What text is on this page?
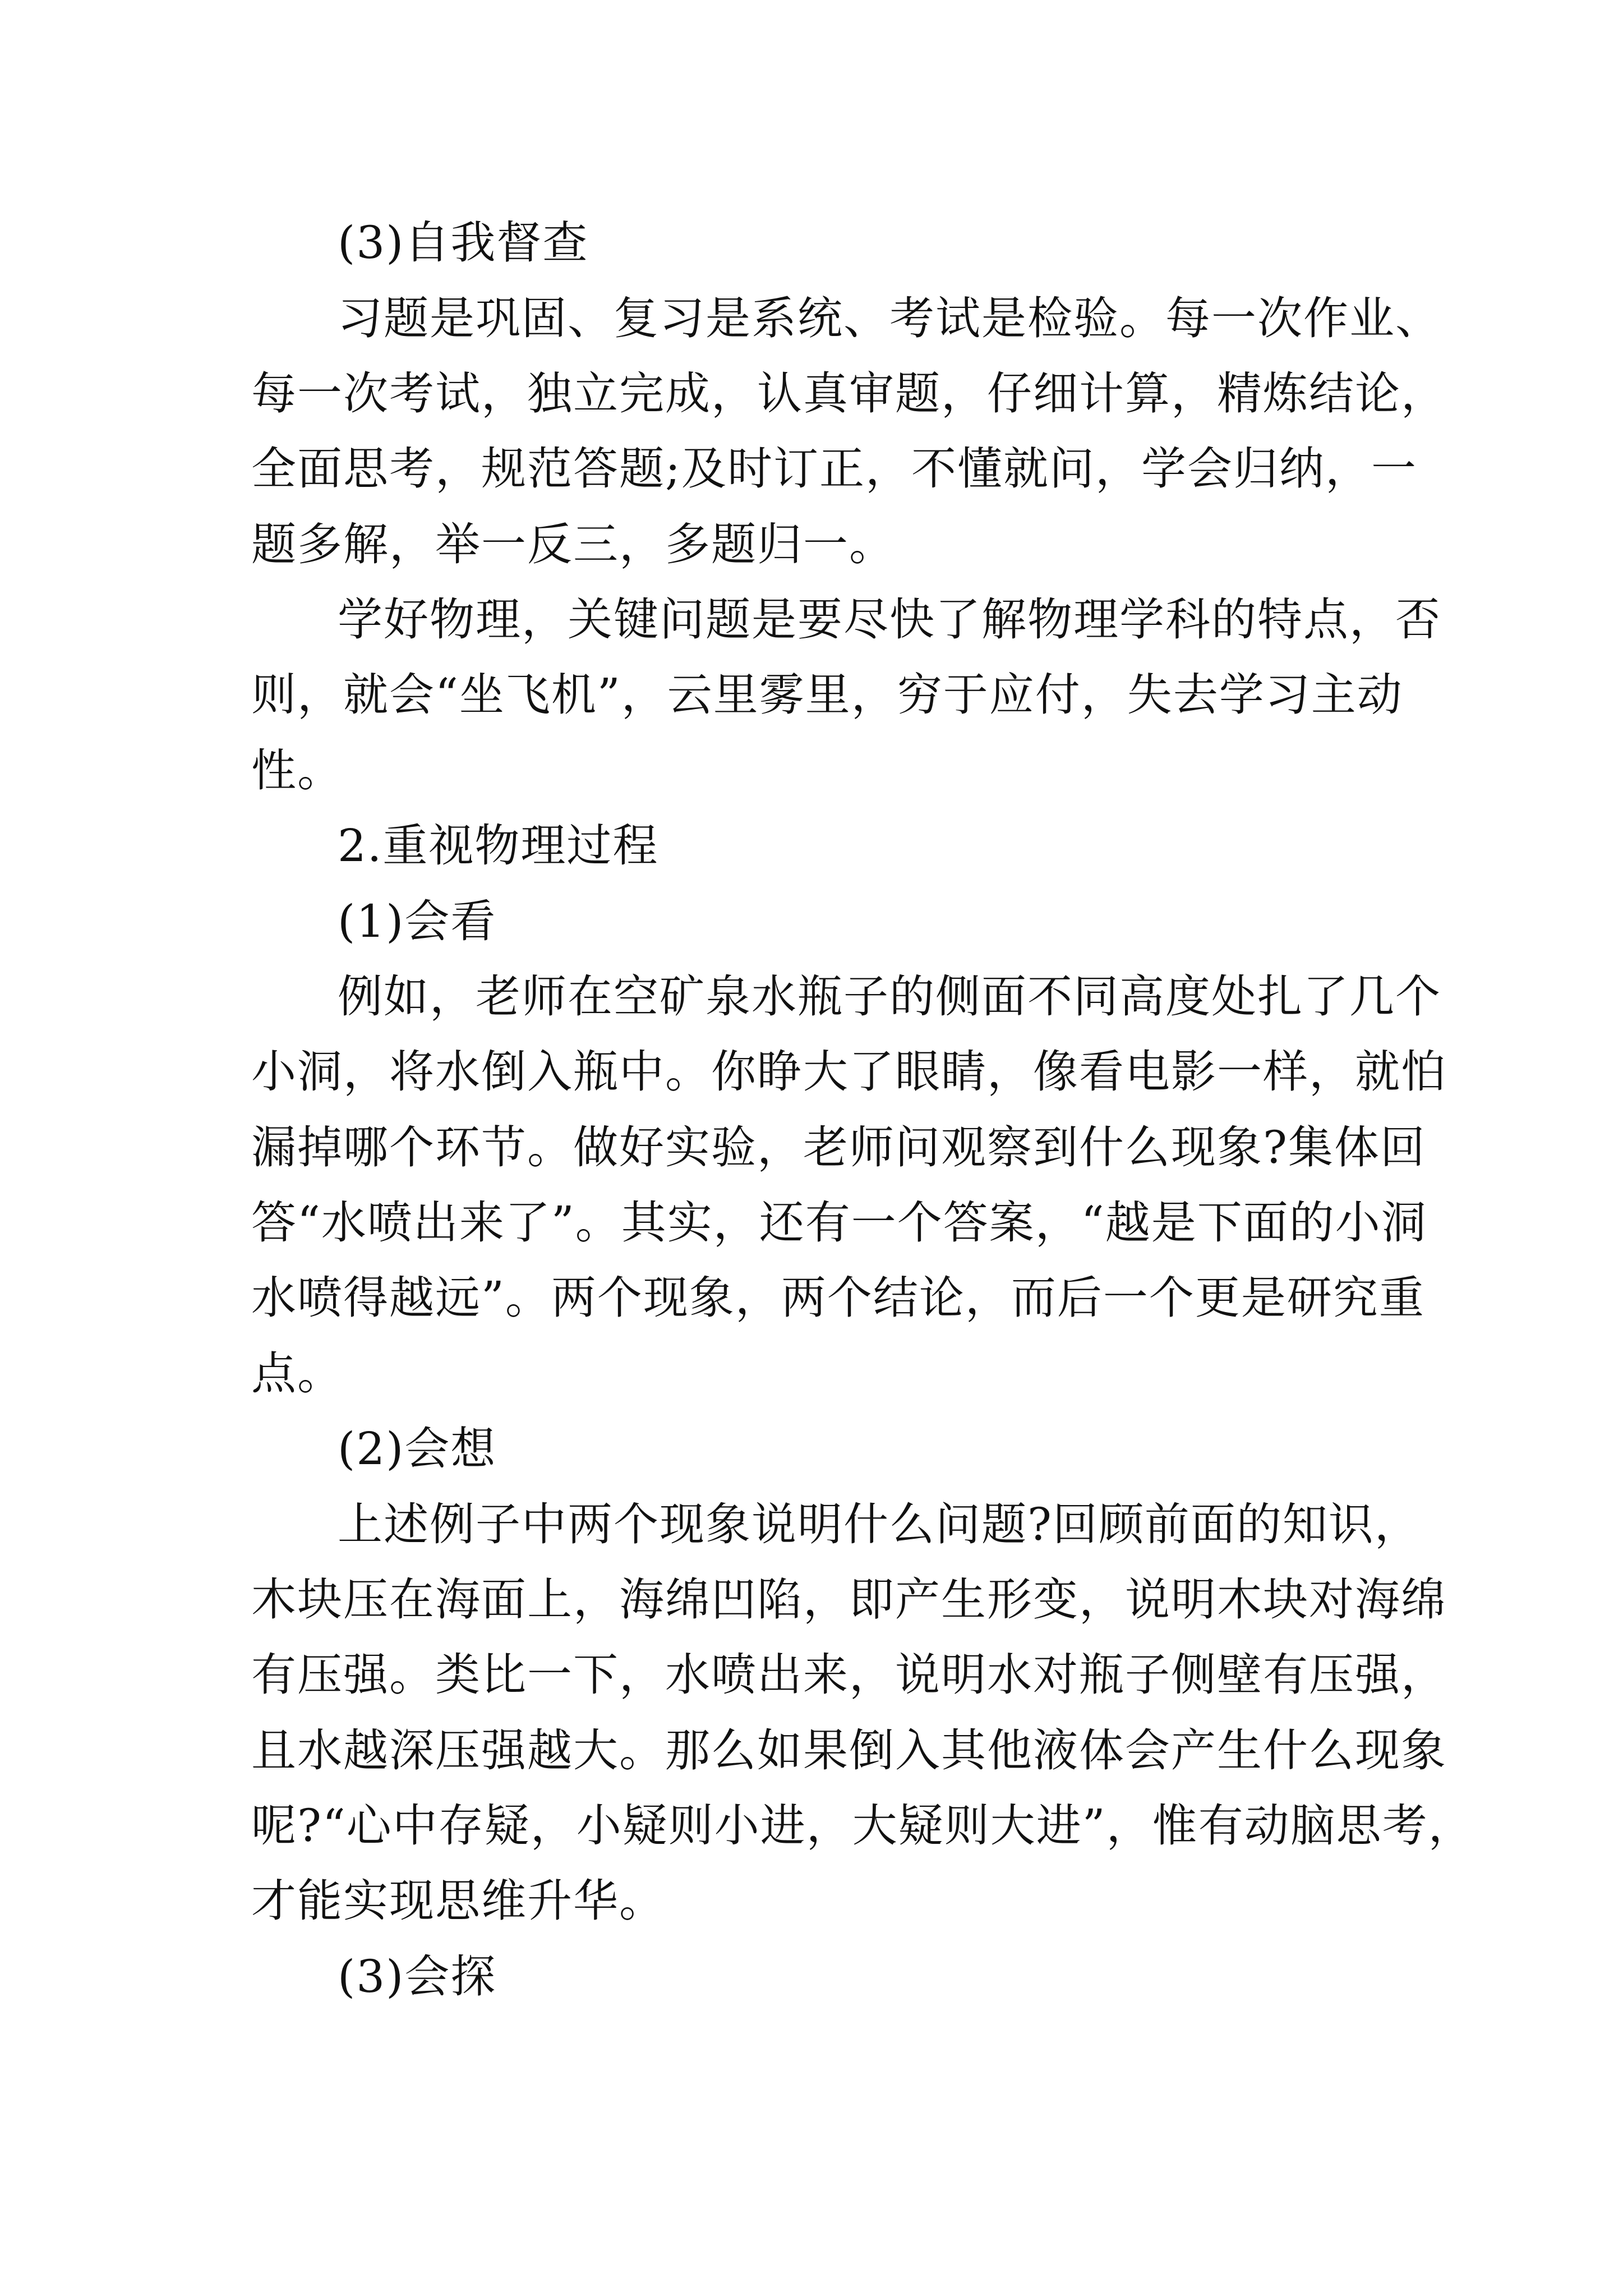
(3)自我督查
习题是巩固、复习是系统、考试是检验。每一次作业、
每一次考试，独立完成，认真审题，仔细计算，精炼结论，
全面思考，规范答题;及时订正，不懂就问，学会归纳，一
题多解，举一反三，多题归一。
学好物理，关键问题是要尽快了解物理学科的特点，否
则，就会“坐飞机”，云里雾里，穷于应付，失去学习主动
性。
2.重视物理过程
(1)会看
例如，老师在空矿泉水瓶子的侧面不同高度处扎了几个
小洞，将水倒入瓶中。你睁大了眼睛，像看电影一样，就怕
漏掉哪个环节。做好实验，老师问观察到什么现象?集体回
答“水喷出来了”。其实，还有一个答案，“越是下面的小洞
水喷得越远”。两个现象，两个结论，而后一个更是研究重
点。
(2)会想
上述例子中两个现象说明什么问题?回顾前面的知识，
木块压在海面上，海绵凹陷，即产生形变，说明木块对海绵
有压强。类比一下，水喷出来，说明水对瓶子侧壁有压强，
且水越深压强越大。那么如果倒入其他液体会产生什么现象
呢?“心中存疑，小疑则小进，大疑则大进”，惟有动脑思考，
才能实现思维升华。
(3)会探
